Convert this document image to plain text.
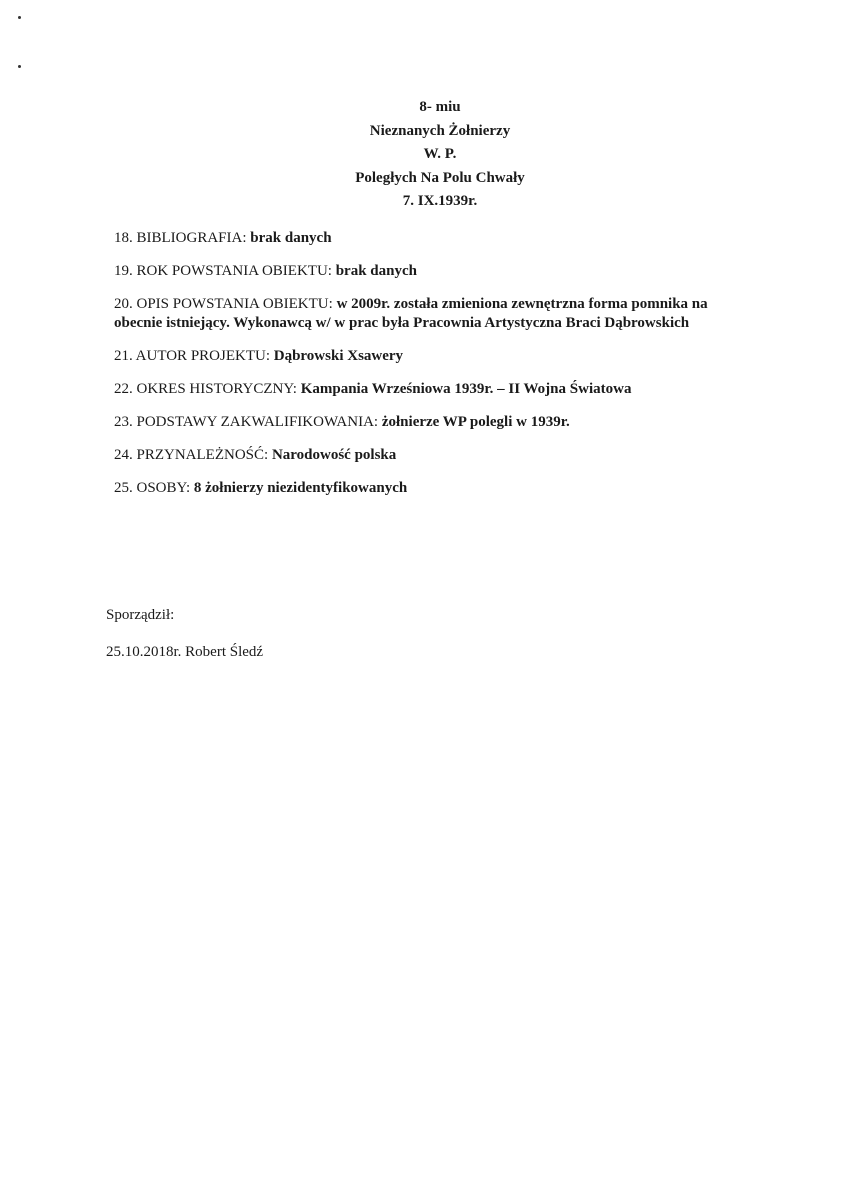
8- miu
Nieznanych Żołnierzy
W. P.
Poległych Na Polu Chwały
7. IX.1939r.
18. BIBLIOGRAFIA: brak danych
19. ROK POWSTANIA OBIEKTU: brak danych
20. OPIS POWSTANIA OBIEKTU: w 2009r. została zmieniona zewnętrzna forma pomnika na obecnie istniejący. Wykonawcą w/ w prac była Pracownia Artystyczna Braci Dąbrowskich
21. AUTOR PROJEKTU: Dąbrowski Xsawery
22. OKRES HISTORYCZNY: Kampania Wrześniowa 1939r. – II Wojna Światowa
23. PODSTAWY ZAKWALIFIKOWANIA: żołnierze WP polegli w 1939r.
24. PRZYNALEŻNOŚĆ: Narodowość polska
25. OSOBY: 8 żołnierzy niezidentyfikowanych
Sporządził:
25.10.2018r. Robert Śledź
